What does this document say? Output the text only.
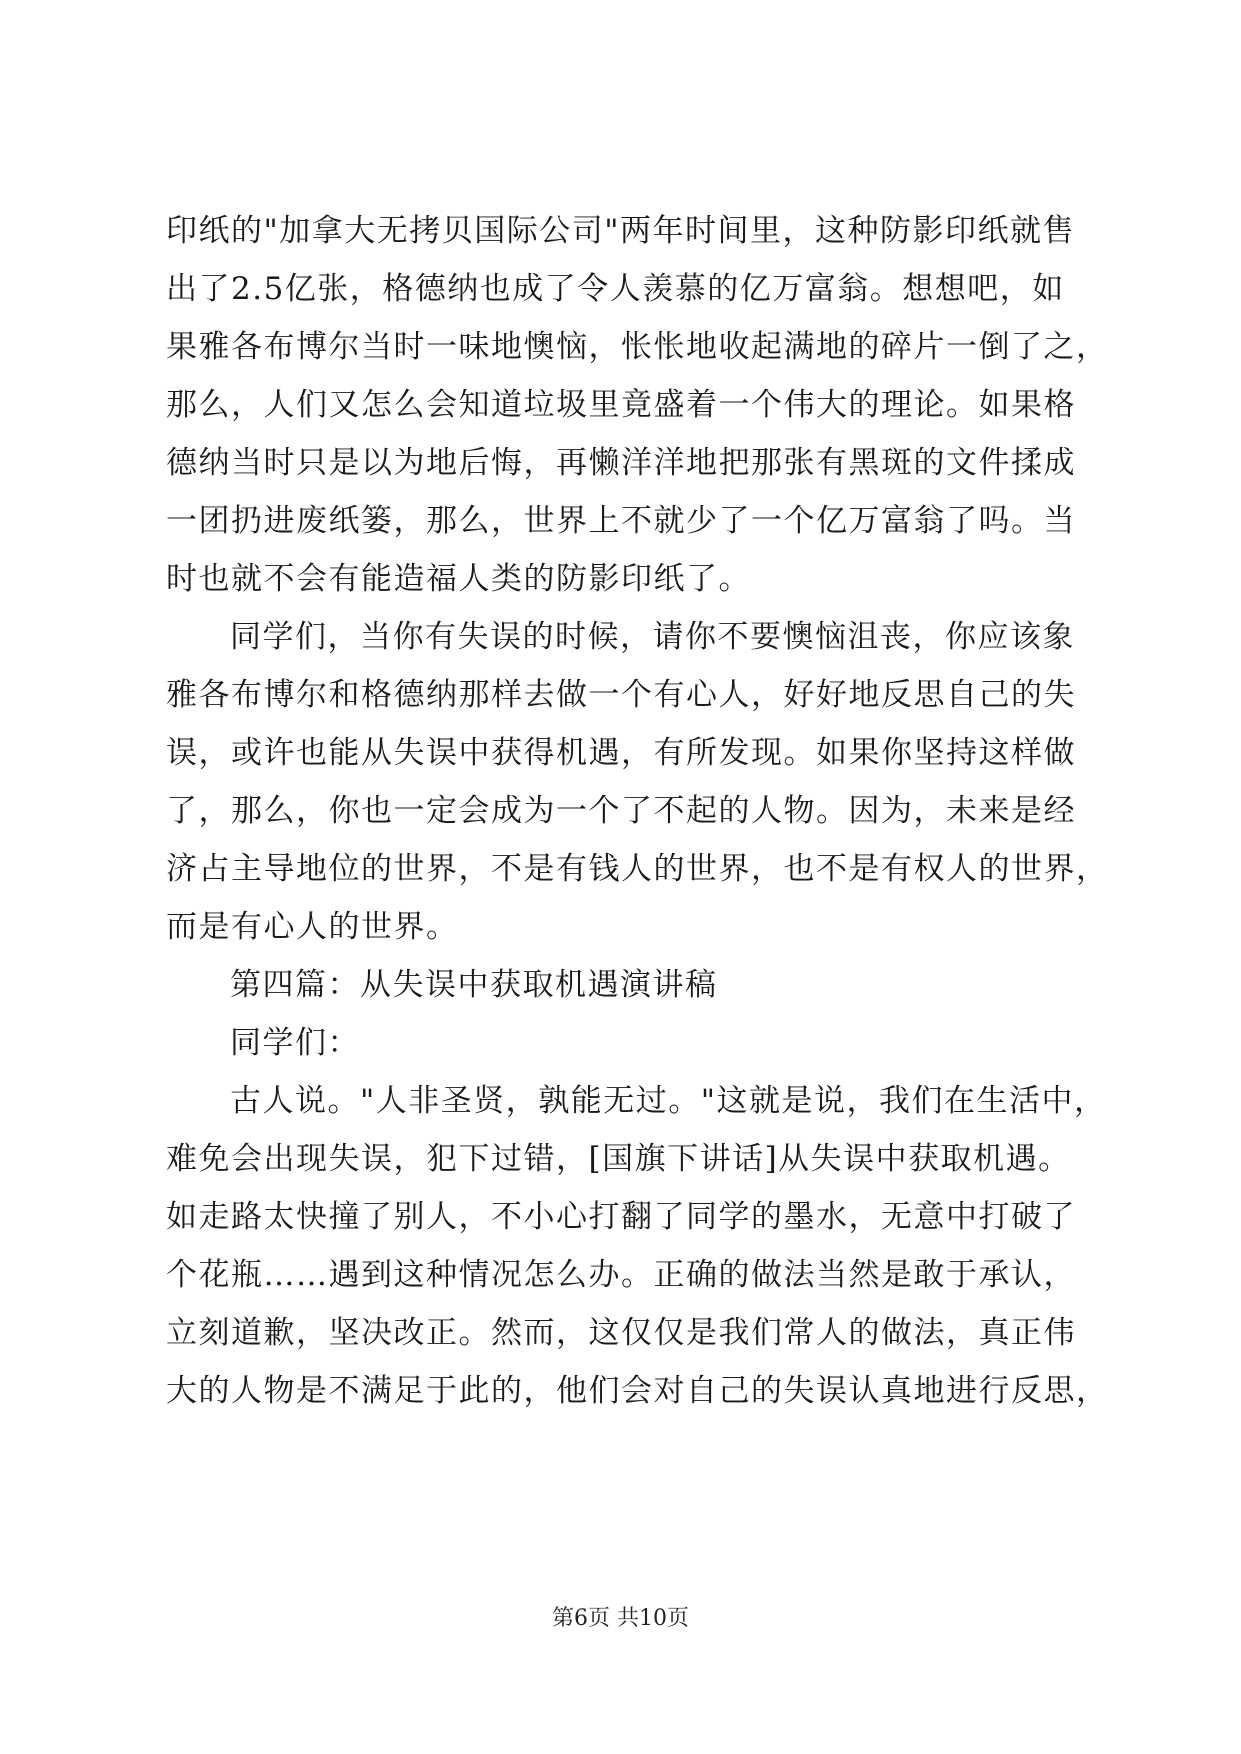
印纸的"加拿大无拷贝国际公司"两年时间里，这种防影印纸就售
出了2.5亿张，格德纳也成了令人羡慕的亿万富翁。想想吧，如
果雅各布博尔当时一味地懊恼，怅怅地收起满地的碎片一倒了之，
那么，人们又怎么会知道垃圾里竟盛着一个伟大的理论。如果格
德纳当时只是以为地后悔，再懒洋洋地把那张有黑斑的文件揉成
一团扔进废纸篓，那么，世界上不就少了一个亿万富翁了吗。当
时也就不会有能造福人类的防影印纸了。
同学们，当你有失误的时候，请你不要懊恼沮丧，你应该象
雅各布博尔和格德纳那样去做一个有心人，好好地反思自己的失
误，或许也能从失误中获得机遇，有所发现。如果你坚持这样做
了，那么，你也一定会成为一个了不起的人物。因为，未来是经
济占主导地位的世界，不是有钱人的世界，也不是有权人的世界，
而是有心人的世界。
第四篇：从失误中获取机遇演讲稿
同学们：
古人说。"人非圣贤，孰能无过。"这就是说，我们在生活中，
难免会出现失误，犯下过错，[国旗下讲话]从失误中获取机遇。
如走路太快撞了别人，不小心打翻了同学的墨水，无意中打破了
个花瓶……遇到这种情况怎么办。正确的做法当然是敢于承认，
立刻道歉，坚决改正。然而，这仅仅是我们常人的做法，真正伟
大的人物是不满足于此的，他们会对自己的失误认真地进行反思，
第6页 共10页
